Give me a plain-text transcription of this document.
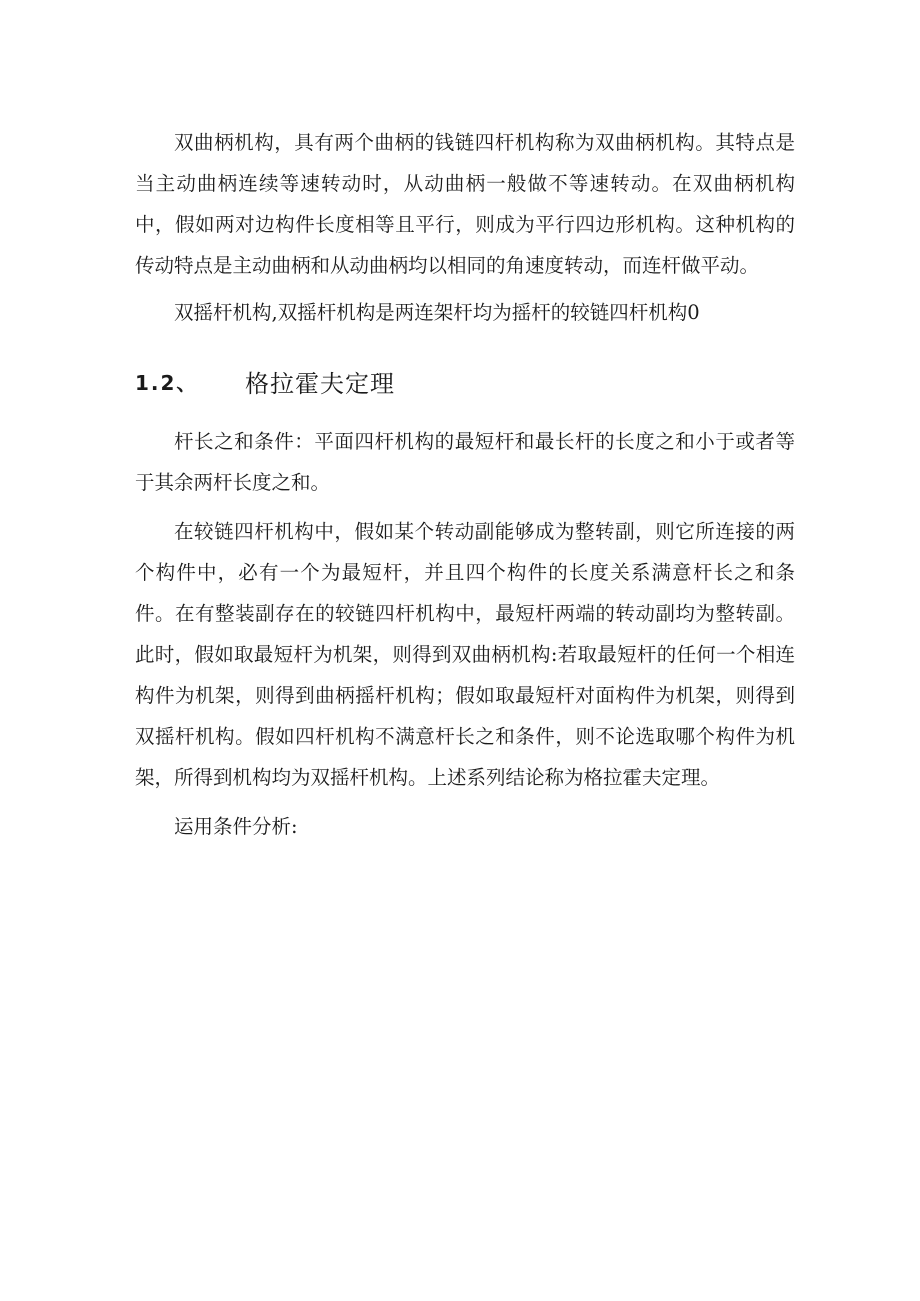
双曲柄机构，具有两个曲柄的钱链四杆机构称为双曲柄机构。其特点是当主动曲柄连续等速转动时，从动曲柄一般做不等速转动。在双曲柄机构中，假如两对边构件长度相等且平行，则成为平行四边形机构。这种机构的传动特点是主动曲柄和从动曲柄均以相同的角速度转动，而连杆做平动。

双摇杆机构,双摇杆机构是两连架杆均为摇杆的较链四杆机构0

1.2、	格拉霍夫定理

杆长之和条件：平面四杆机构的最短杆和最长杆的长度之和小于或者等于其余两杆长度之和。

在较链四杆机构中，假如某个转动副能够成为整转副，则它所连接的两个构件中，必有一个为最短杆，并且四个构件的长度关系满意杆长之和条件。在有整装副存在的较链四杆机构中，最短杆两端的转动副均为整转副。此时，假如取最短杆为机架，则得到双曲柄机构:若取最短杆的任何一个相连构件为机架，则得到曲柄摇杆机构；假如取最短杆对面构件为机架，则得到双摇杆机构。假如四杆机构不满意杆长之和条件，则不论选取哪个构件为机架，所得到机构均为双摇杆机构。上述系列结论称为格拉霍夫定理。

运用条件分析:
